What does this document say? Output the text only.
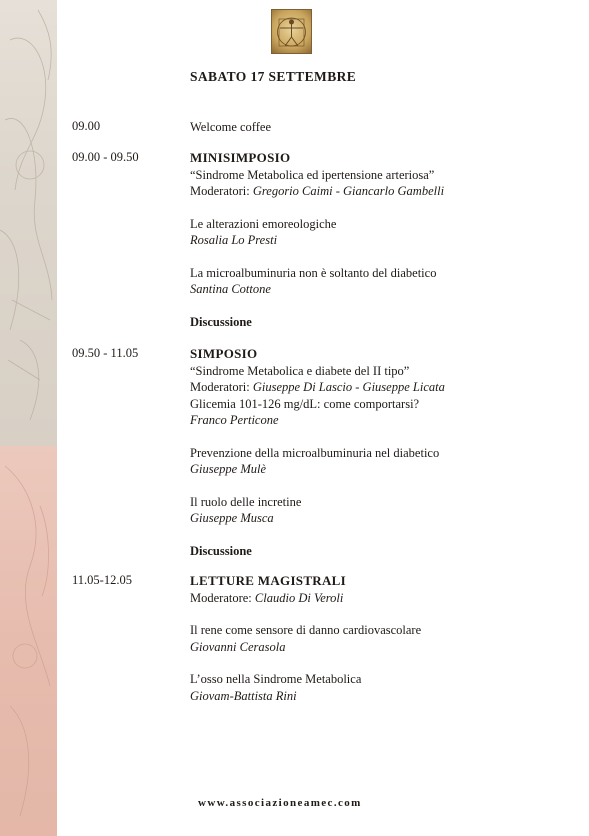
SABATO 17 SETTEMBRE
09.00	Welcome coffee
09.00 - 09.50	MINISIMPOSIO
“Sindrome Metabolica ed ipertensione arteriosa”
Moderatori: Gregorio Caimi - Giancarlo Gambelli
Le alterazioni emoreologiche
Rosalia Lo Presti
La microalbuminuria non è soltanto del diabetico
Santina Cottone
Discussione
09.50 - 11.05	SIMPOSIO
“Sindrome Metabolica e diabete del II tipo”
Moderatori: Giuseppe Di Lascio - Giuseppe Licata
Glicemia 101-126 mg/dL: come comportarsi?
Franco Perticone
Prevenzione della microalbuminuria nel diabetico
Giuseppe Mulè
Il ruolo delle incretine
Giuseppe Musca
Discussione
11.05-12.05	LETTURE MAGISTRALI
Moderatore: Claudio Di Veroli
Il rene come sensore di danno cardiovascolare
Giovanni Cerasola
L’osso nella Sindrome Metabolica
Giovam-Battista Rini
www.associazioneamec.com
